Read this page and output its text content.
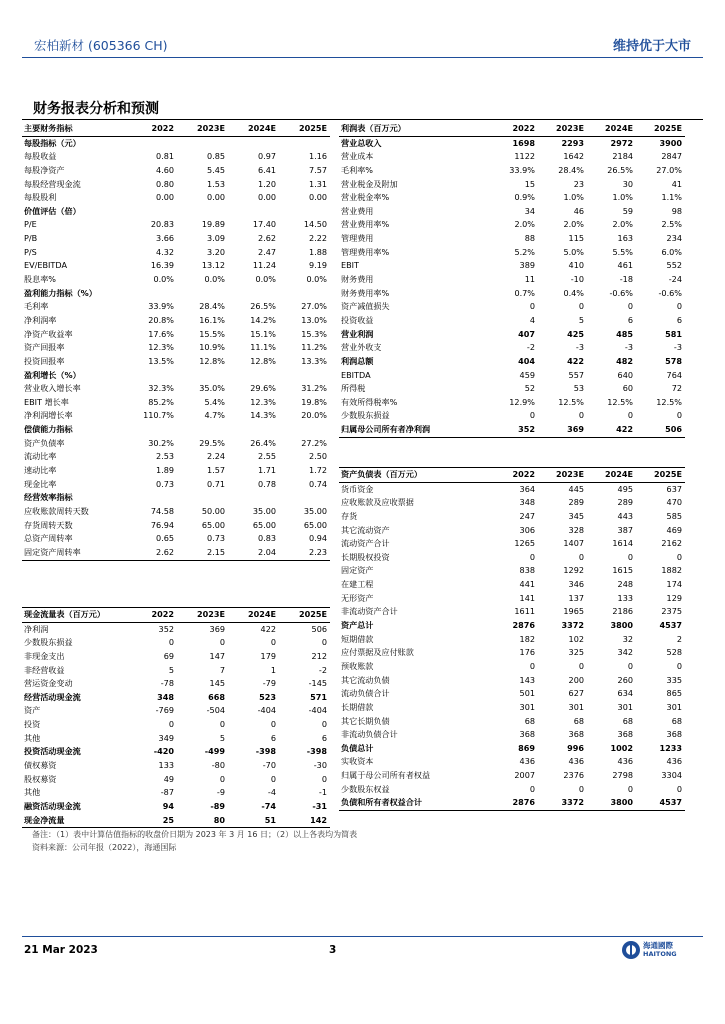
宏柏新材 (605366 CH)	维持优于大市
财务报表分析和预测
主要财务指标	2022	2023E	2024E	2025E
每股指标（元）				
每股收益	0.81	0.85	0.97	1.16
每股净资产	4.60	5.45	6.41	7.57
每股经营现金流	0.80	1.53	1.20	1.31
每股股利	0.00	0.00	0.00	0.00
价值评估（倍）				
P/E	20.83	19.89	17.40	14.50
P/B	3.66	3.09	2.62	2.22
P/S	4.32	3.20	2.47	1.88
EV/EBITDA	16.39	13.12	11.24	9.19
股息率%	0.0%	0.0%	0.0%	0.0%
盈利能力指标（%）				
毛利率	33.9%	28.4%	26.5%	27.0%
净利润率	20.8%	16.1%	14.2%	13.0%
净资产收益率	17.6%	15.5%	15.1%	15.3%
资产回报率	12.3%	10.9%	11.1%	11.2%
投资回报率	13.5%	12.8%	12.8%	13.3%
盈利增长（%）				
营业收入增长率	32.3%	35.0%	29.6%	31.2%
EBIT 增长率	85.2%	5.4%	12.3%	19.8%
净利润增长率	110.7%	4.7%	14.3%	20.0%
偿债能力指标				
资产负债率	30.2%	29.5%	26.4%	27.2%
流动比率	2.53	2.24	2.55	2.50
速动比率	1.89	1.57	1.71	1.72
现金比率	0.73	0.71	0.78	0.74
经营效率指标				
应收账款周转天数	74.58	50.00	35.00	35.00
存货周转天数	76.94	65.00	65.00	65.00
总资产周转率	0.65	0.73	0.83	0.94
固定资产周转率	2.62	2.15	2.04	2.23
利润表（百万元）	2022	2023E	2024E	2025E
营业总收入	1698	2293	2972	3900
营业成本	1122	1642	2184	2847
毛利率%	33.9%	28.4%	26.5%	27.0%
营业税金及附加	15	23	30	41
营业税金率%	0.9%	1.0%	1.0%	1.1%
营业费用	34	46	59	98
营业费用率%	2.0%	2.0%	2.0%	2.5%
管理费用	88	115	163	234
管理费用率%	5.2%	5.0%	5.5%	6.0%
EBIT	389	410	461	552
财务费用	11	-10	-18	-24
财务费用率%	0.7%	0.4%	-0.6%	-0.6%
资产减值损失	0	0	0	0
投资收益	4	5	6	6
营业利润	407	425	485	581
营业外收支	-2	-3	-3	-3
利润总额	404	422	482	578
EBITDA	459	557	640	764
所得税	52	53	60	72
有效所得税率%	12.9%	12.5%	12.5%	12.5%
少数股东损益	0	0	0	0
归属母公司所有者净利润	352	369	422	506
资产负债表（百万元）	2022	2023E	2024E	2025E
货币资金	364	445	495	637
应收账款及应收票据	348	289	289	470
存货	247	345	443	585
其它流动资产	306	328	387	469
流动资产合计	1265	1407	1614	2162
长期股权投资	0	0	0	0
固定资产	838	1292	1615	1882
在建工程	441	346	248	174
无形资产	141	137	133	129
非流动资产合计	1611	1965	2186	2375
资产总计	2876	3372	3800	4537
短期借款	182	102	32	2
应付票据及应付账款	176	325	342	528
预收账款	0	0	0	0
其它流动负债	143	200	260	335
流动负债合计	501	627	634	865
长期借款	301	301	301	301
其它长期负债	68	68	68	68
非流动负债合计	368	368	368	368
负债总计	869	996	1002	1233
实收资本	436	436	436	436
归属于母公司所有者权益	2007	2376	2798	3304
少数股东权益	0	0	0	0
负债和所有者权益合计	2876	3372	3800	4537
现金流量表（百万元）	2022	2023E	2024E	2025E
净利润	352	369	422	506
少数股东损益	0	0	0	0
非现金支出	69	147	179	212
非经营收益	5	7	1	-2
营运资金变动	-78	145	-79	-145
经营活动现金流	348	668	523	571
资产	-769	-504	-404	-404
投资	0	0	0	0
其他	349	5	6	6
投资活动现金流	-420	-499	-398	-398
债权募资	133	-80	-70	-30
股权募资	49	0	0	0
其他	-87	-9	-4	-1
融资活动现金流	94	-89	-74	-31
现金净流量	25	80	51	142
备注：（1）表中计算估值指标的收盘价日期为 2023 年 3 月 16 日；（2）以上各表均为简表
资料来源：公司年报（2022），海通国际
21 Mar 2023	3	海通國際
HAITONG
